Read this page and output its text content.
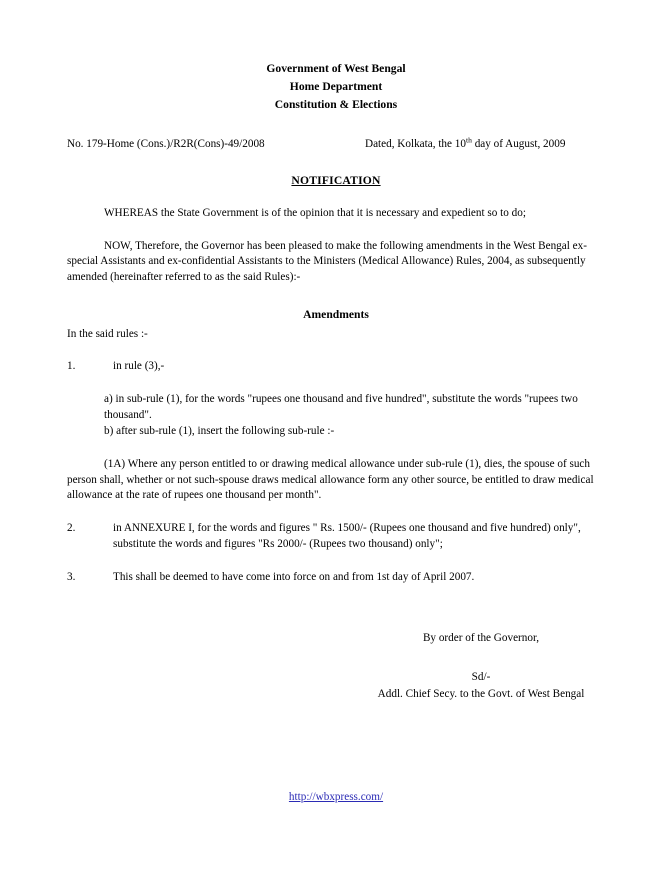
Government of West Bengal
Home Department
Constitution & Elections
No. 179-Home (Cons.)/R2R(Cons)-49/2008	Dated, Kolkata, the 10th day of August, 2009
NOTIFICATION
WHEREAS the State Government is of the opinion that it is necessary and expedient so to do;
NOW, Therefore, the Governor has been pleased to make the following amendments in the West Bengal ex-special Assistants and ex-confidential Assistants to the Ministers (Medical Allowance) Rules, 2004, as subsequently amended (hereinafter referred to as the said Rules):-
Amendments
In the said rules :-
1.	in rule (3),-
a) in sub-rule (1), for the words "rupees one thousand and five hundred", substitute the words "rupees two thousand".
b) after sub-rule (1), insert the following sub-rule :-
(1A) Where any person entitled to or drawing medical allowance under sub-rule (1), dies, the spouse of such person shall, whether or not such-spouse draws medical allowance form any other source, be entitled to draw medical allowance at the rate of rupees one thousand per month".
2.	in ANNEXURE I, for the words and figures " Rs. 1500/- (Rupees one thousand and five hundred) only", substitute the words and figures "Rs 2000/- (Rupees two thousand) only";
3.	This shall be deemed to have come into force on and from 1st day of April 2007.
By order of the Governor,
Sd/-
Addl. Chief Secy. to the Govt. of West Bengal
http://wbxpress.com/
